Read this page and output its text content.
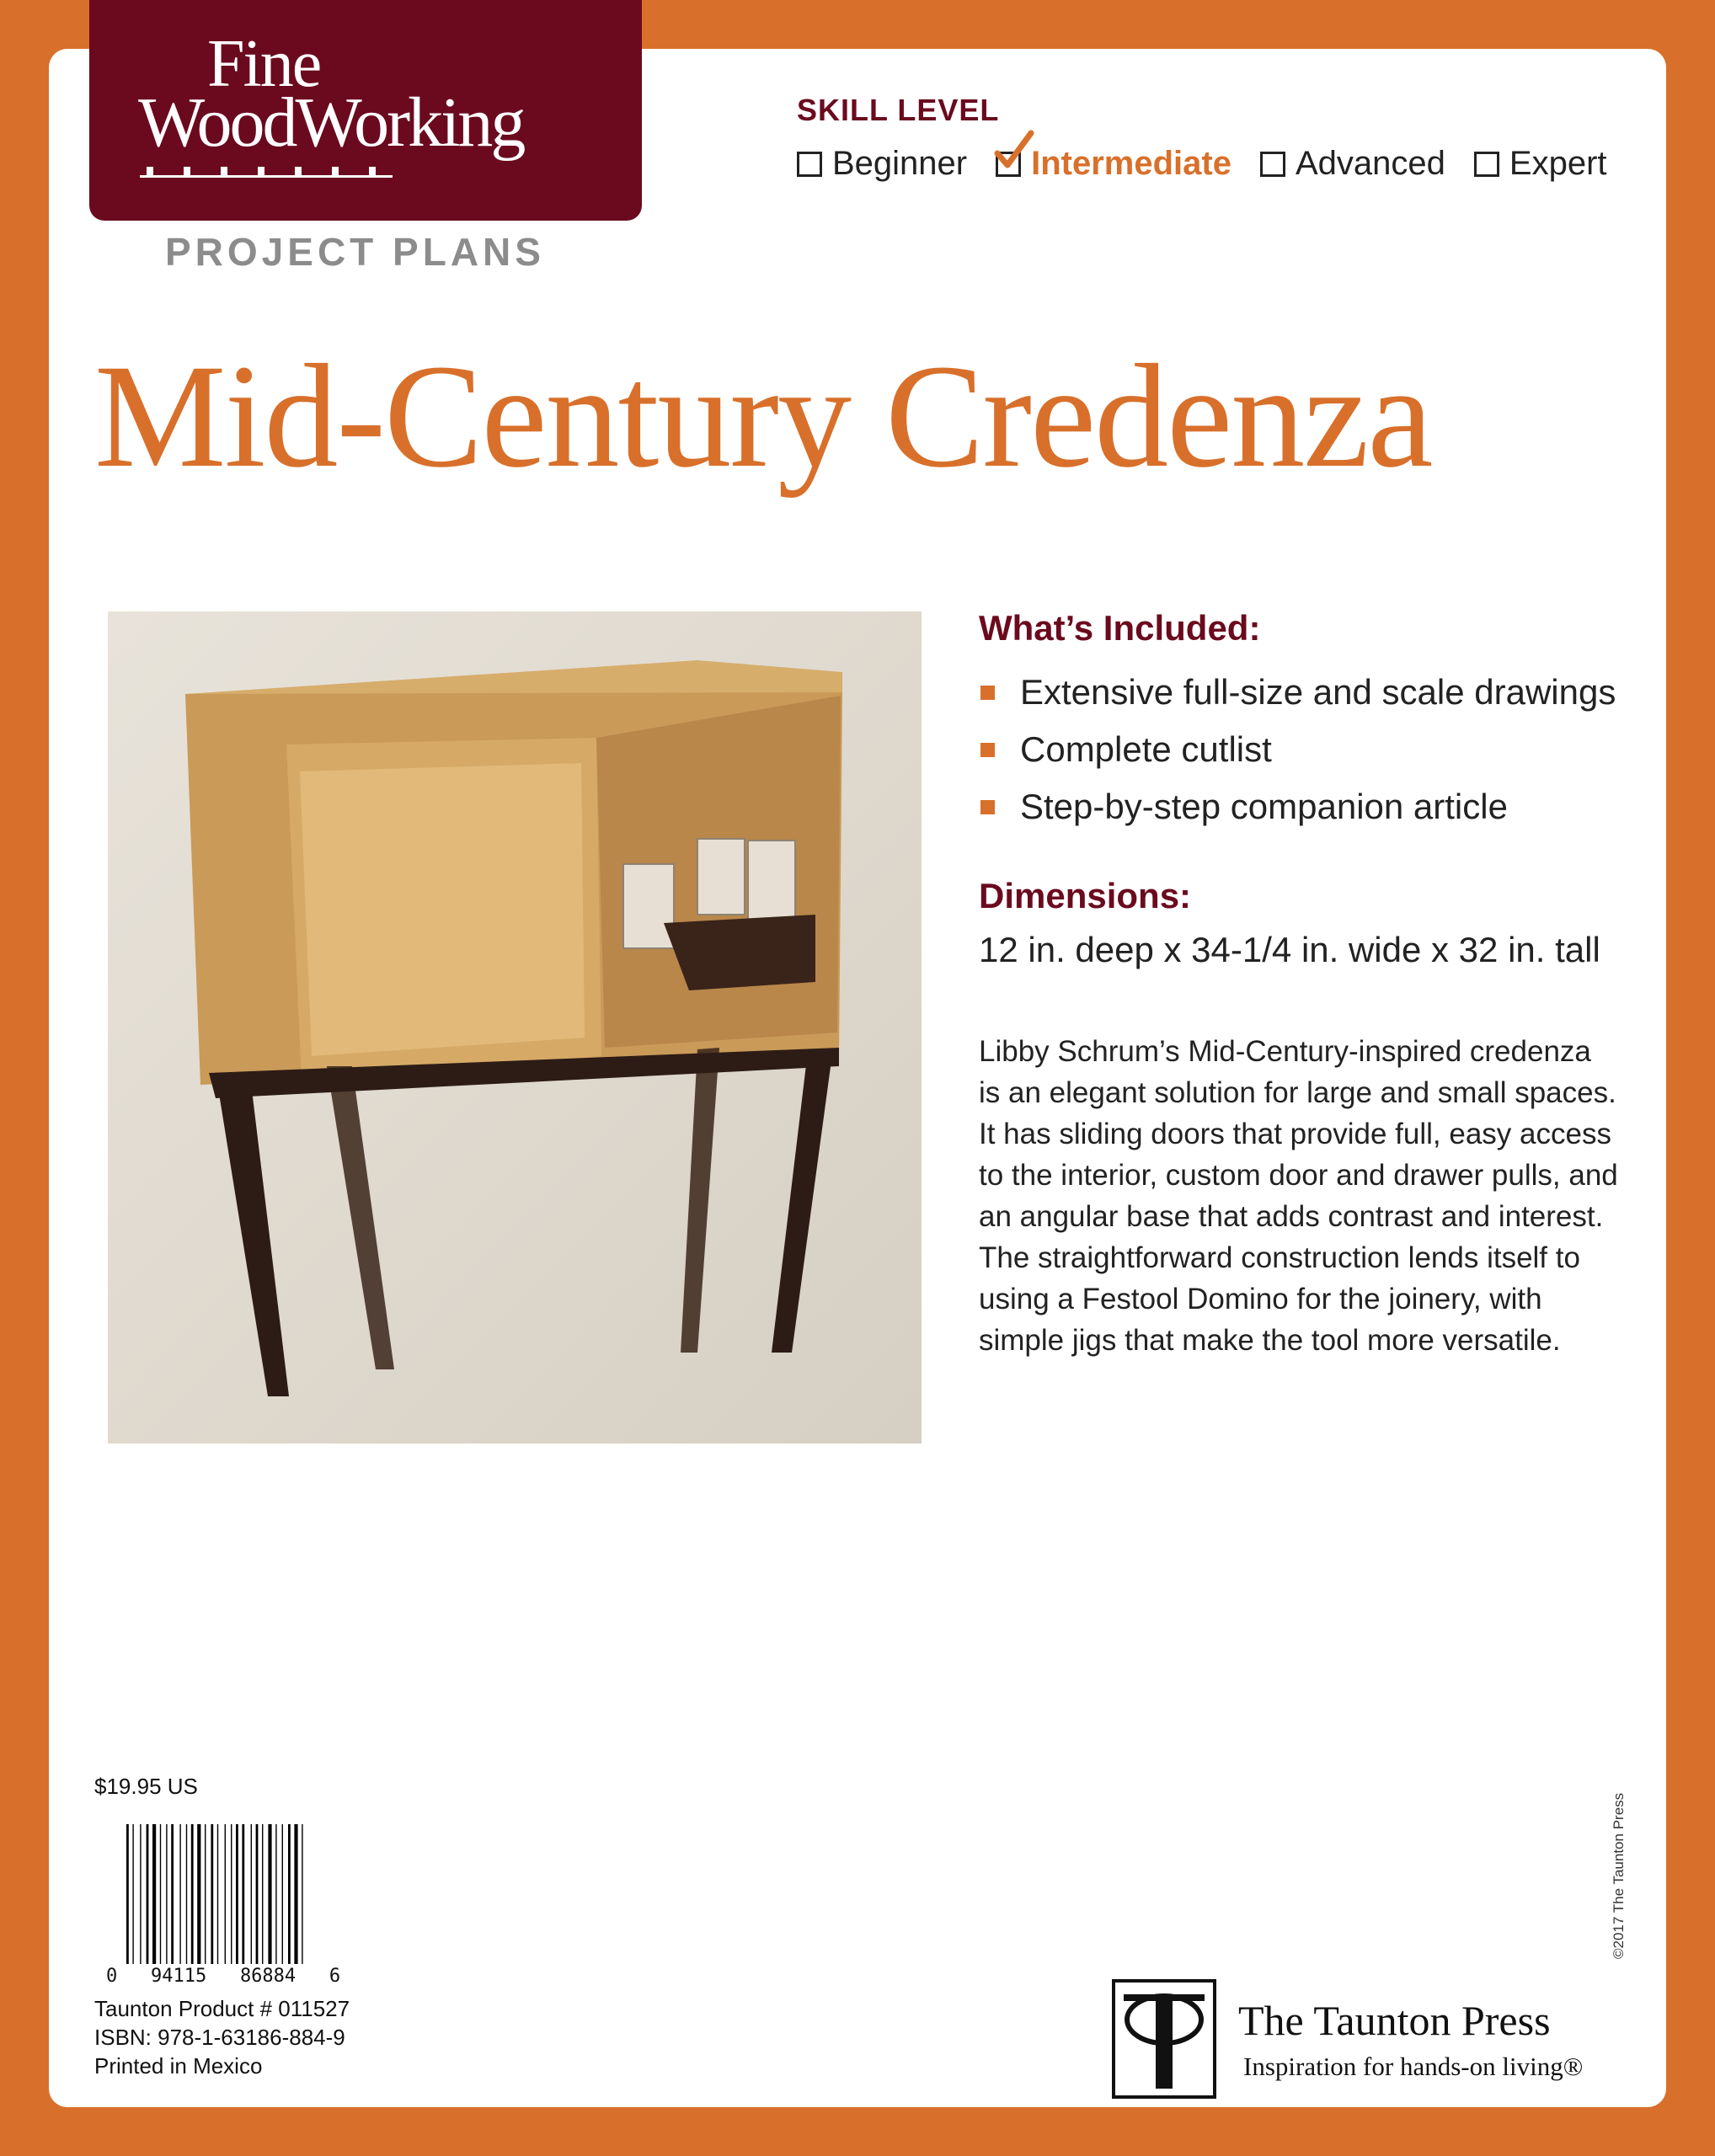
Fine
WoodWorking
PROJECT PLANS
SKILL LEVEL
Beginner Intermediate Advanced Expert
Mid-Century Credenza
What’s Included:
Extensive full-size and scale drawings
Complete cutlist
Step-by-step companion article
Dimensions:
12 in. deep x 34-1/4 in. wide x 32 in. tall
Libby Schrum’s Mid-Century-inspired credenza is an elegant solution for large and small spaces. It has sliding doors that provide full, easy access to the interior, custom door and drawer pulls, and an angular base that adds contrast and interest. The straightforward construction lends itself to using a Festool Domino for the joinery, with simple jigs that make the tool more versatile.
$19.95 US
0   94115   86884   6
Taunton Product # 011527
ISBN: 978-1-63186-884-9
Printed in Mexico
©2017 The Taunton Press
The Taunton Press
Inspiration for hands-on living®
